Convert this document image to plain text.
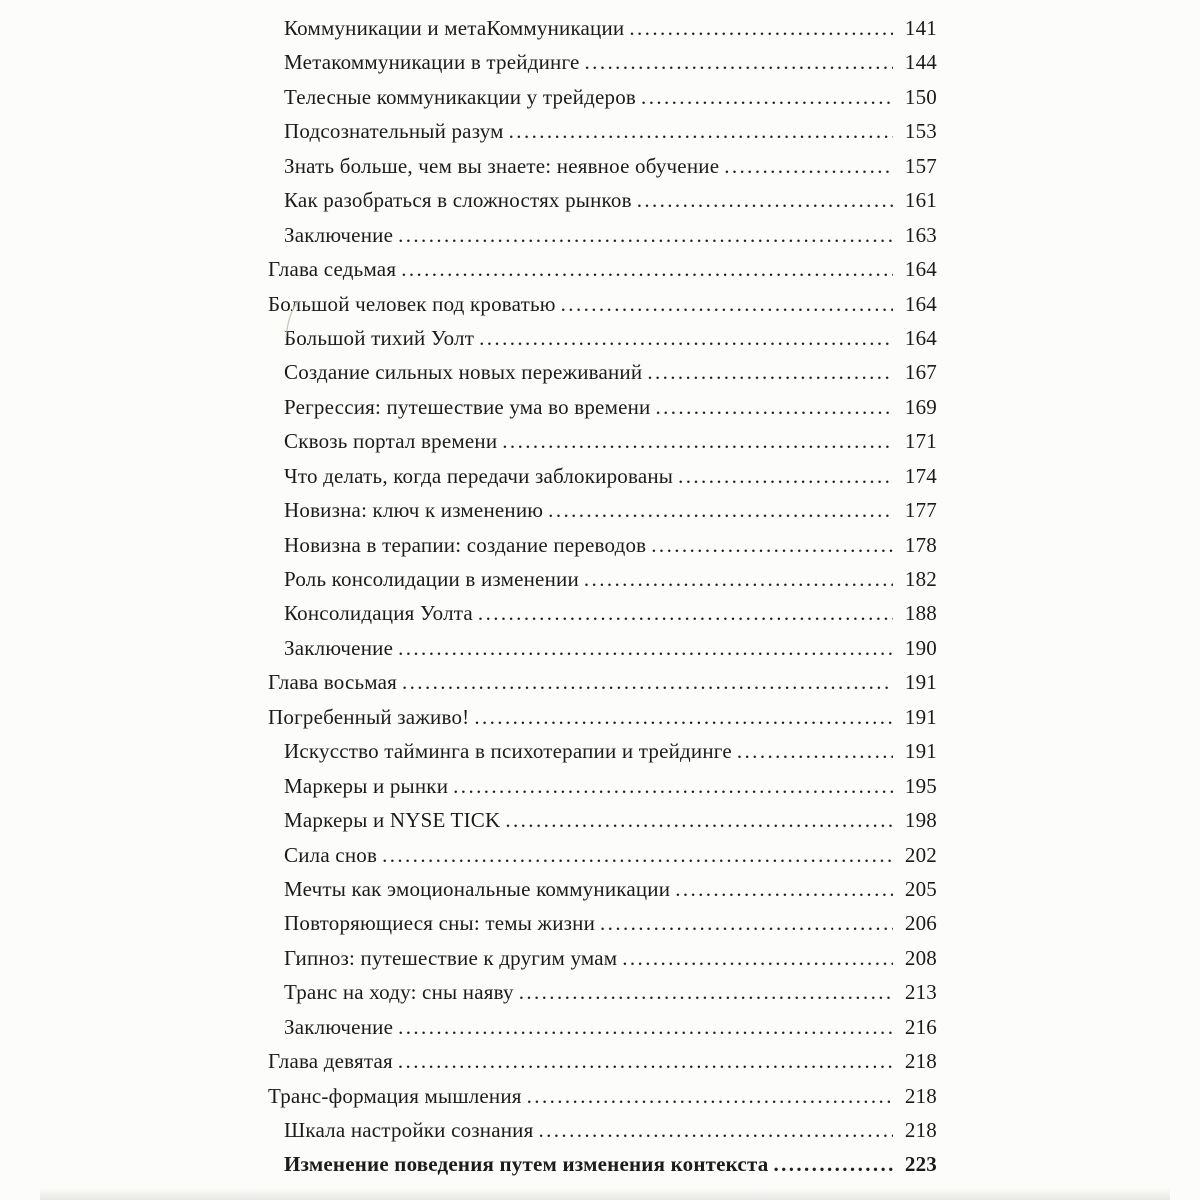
Коммуникации и метаКоммуникации .....	141
Метакоммуникации в трейдинге .....	144
Телесные коммуникакции у трейдеров .....	150
Подсознательный разум .....	153
Знать больше, чем вы знаете: неявное обучение .....	157
Как разобраться в сложностях рынков .....	161
Заключение .....	163
Глава седьмая .....	164
Большой человек под кроватью .....	164
Большой тихий Уолт .....	164
Создание сильных новых переживаний .....	167
Регрессия: путешествие ума во времени .....	169
Сквозь портал времени .....	171
Что делать, когда передачи заблокированы .....	174
Новизна: ключ к изменению .....	177
Новизна в терапии: создание переводов .....	178
Роль консолидации в изменении .....	182
Консолидация Уолта .....	188
Заключение .....	190
Глава восьмая .....	191
Погребенный заживо! .....	191
Искусство тайминга в психотерапии и трейдинге .....	191
Маркеры и рынки .....	195
Маркеры и NYSE TICK .....	198
Сила снов .....	202
Мечты как эмоциональные коммуникации .....	205
Повторяющиеся сны: темы жизни .....	206
Гипноз: путешествие к другим умам .....	208
Транс на ходу: сны наяву .....	213
Заключение .....	216
Глава девятая .....	218
Транс-формация мышления .....	218
Шкала настройки сознания .....	218
Изменение поведения путем изменения контекста .....	223
